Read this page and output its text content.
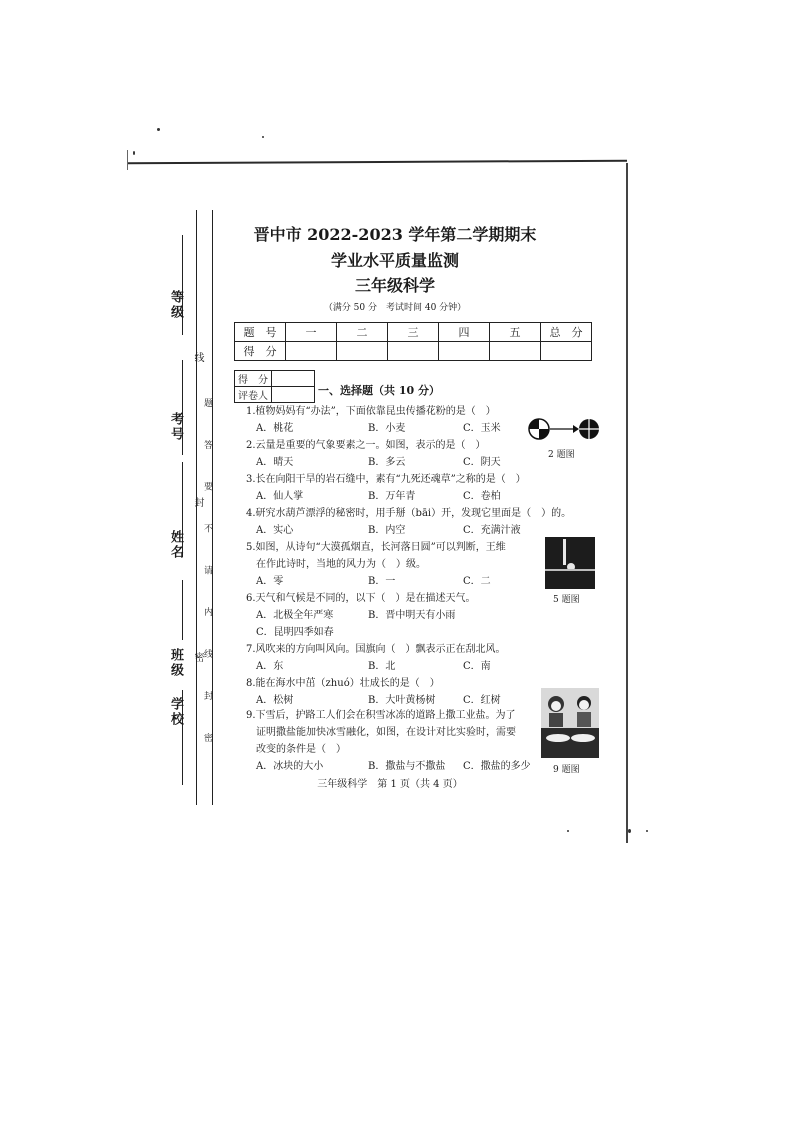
等级
考号
姓名
班级
学校
线
封
密 题 答 要 不 请 内 线 封 密
晋中市 2022-2023 学年第二学期期末
学业水平质量监测
三年级科学
（满分 50 分　考试时间 40 分钟）
题　号	一	二	三	四	五	总　分
得　分						
得　分	
评卷人		一、选择题（共 10 分）
1.植物妈妈有“办法”，下面依靠昆虫传播花粉的是（　）
A．桃花	B．小麦	C．玉米
2 题图
2.云量是重要的气象要素之一。如图，表示的是（　）
A．晴天	B．多云	C．阴天
3.长在向阳干旱的岩石缝中，素有“九死还魂草”之称的是（　）
A．仙人掌	B．万年青	C．卷柏
4.研究水葫芦漂浮的秘密时，用手掰（bāi）开，发现它里面是（　）的。
A．实心	B．内空	C．充满汁液
5 题图
5.如图，从诗句“大漠孤烟直，长河落日圆”可以判断，王维
在作此诗时，当地的风力为（　）级。
A．零	B．一	C．二
6.天气和气候是不同的，以下（　）是在描述天气。
A．北极全年严寒	B．晋中明天有小雨
C．昆明四季如春
7.风吹来的方向叫风向。国旗向（　）飘表示正在刮北风。
A．东	B．北	C．南
8.能在海水中茁（zhuó）壮成长的是（　）
A．松树	B．大叶黄杨树	C．红树
9 题图
9.下雪后，护路工人们会在积雪冰冻的道路上撒工业盐。为了
证明撒盐能加快冰雪融化，如图，在设计对比实验时，需要
改变的条件是（　）
A．冰块的大小	B．撒盐与不撒盐 C．撒盐的多少
三年级科学　第 1 页（共 4 页）
